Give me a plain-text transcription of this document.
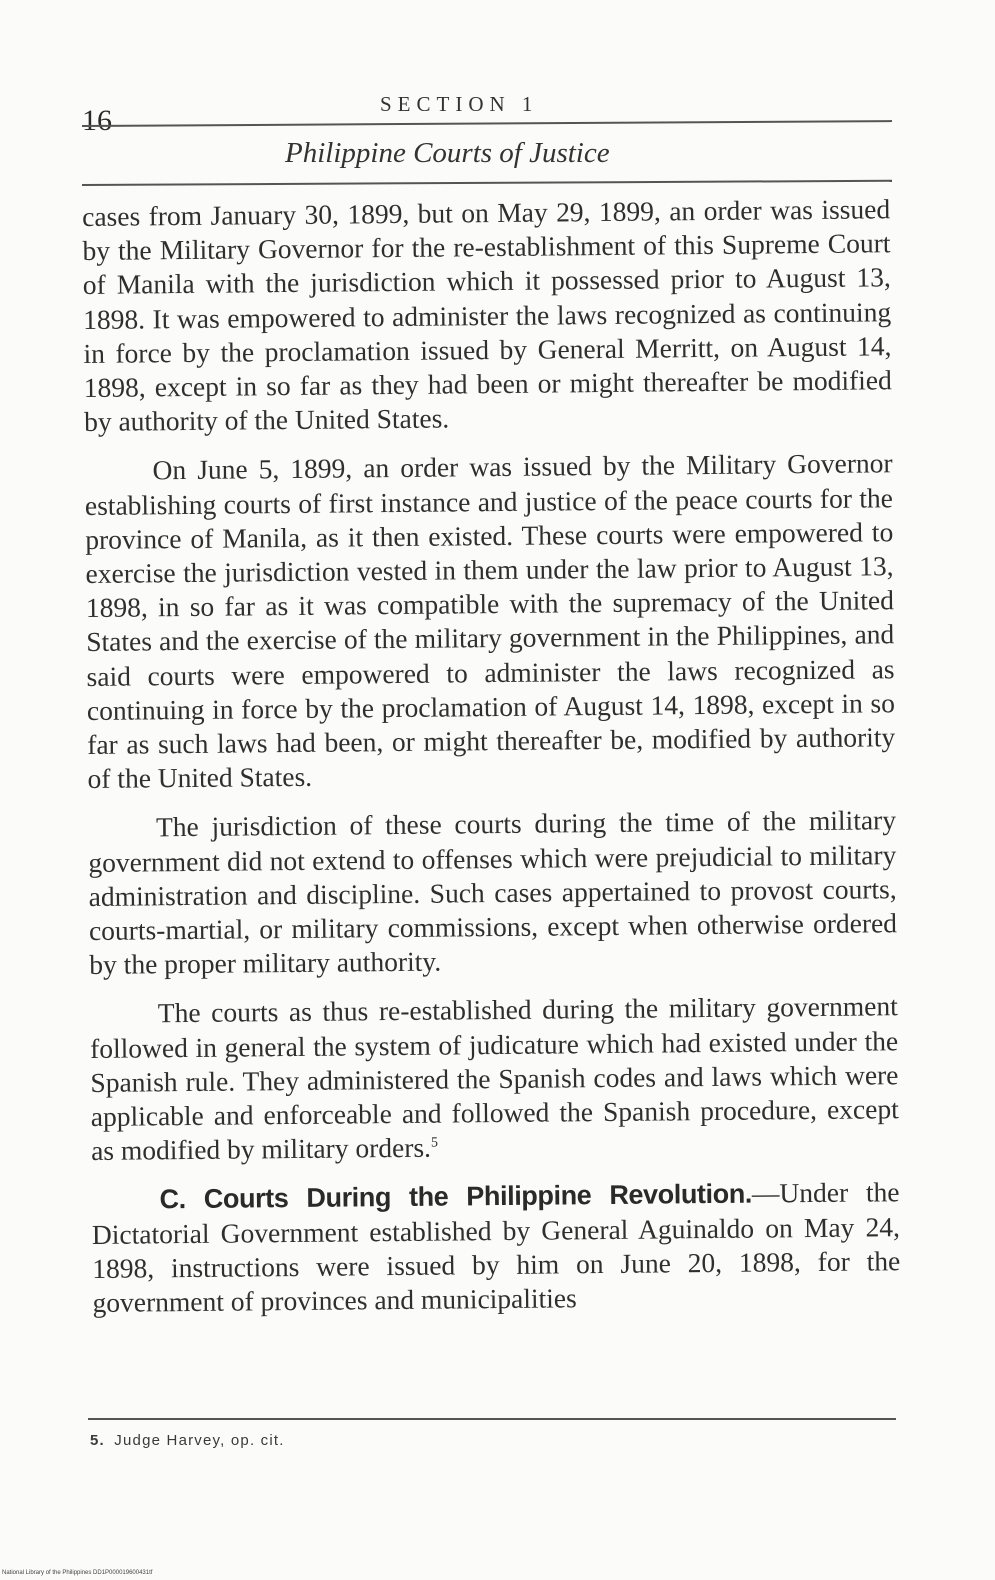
16	SECTION 1
Philippine Courts of Justice

cases from January 30, 1899, but on May 29, 1899, an order was issued by the Military Governor for the re-establishment of this Supreme Court of Manila with the jurisdiction which it possessed prior to August 13, 1898. It was empowered to administer the laws recognized as continuing in force by the proclamation issued by General Merritt, on August 14, 1898, except in so far as they had been or might thereafter be modified by authority of the United States.

On June 5, 1899, an order was issued by the Military Governor establishing courts of first instance and justice of the peace courts for the province of Manila, as it then existed. These courts were empowered to exercise the jurisdiction vested in them under the law prior to August 13, 1898, in so far as it was compatible with the supremacy of the United States and the exercise of the military government in the Philippines, and said courts were empowered to administer the laws recognized as continuing in force by the proclamation of August 14, 1898, except in so far as such laws had been, or might thereafter be, modified by authority of the United States.

The jurisdiction of these courts during the time of the military government did not extend to offenses which were prejudicial to military administration and discipline. Such cases appertained to provost courts, courts-martial, or military commissions, except when otherwise ordered by the proper military authority.

The courts as thus re-established during the military government followed in general the system of judicature which had existed under the Spanish rule. They administered the Spanish codes and laws which were applicable and enforceable and followed the Spanish procedure, except as modified by military orders.$^5$

C. Courts During the Philippine Revolution.—Under the Dictatorial Government established by General Aguinaldo on May 24, 1898, instructions were issued by him on June 20, 1898, for the government of provinces and municipalities

5. Judge Harvey, op. cit.
National Library of the Philippines DD1P000019600431tf
